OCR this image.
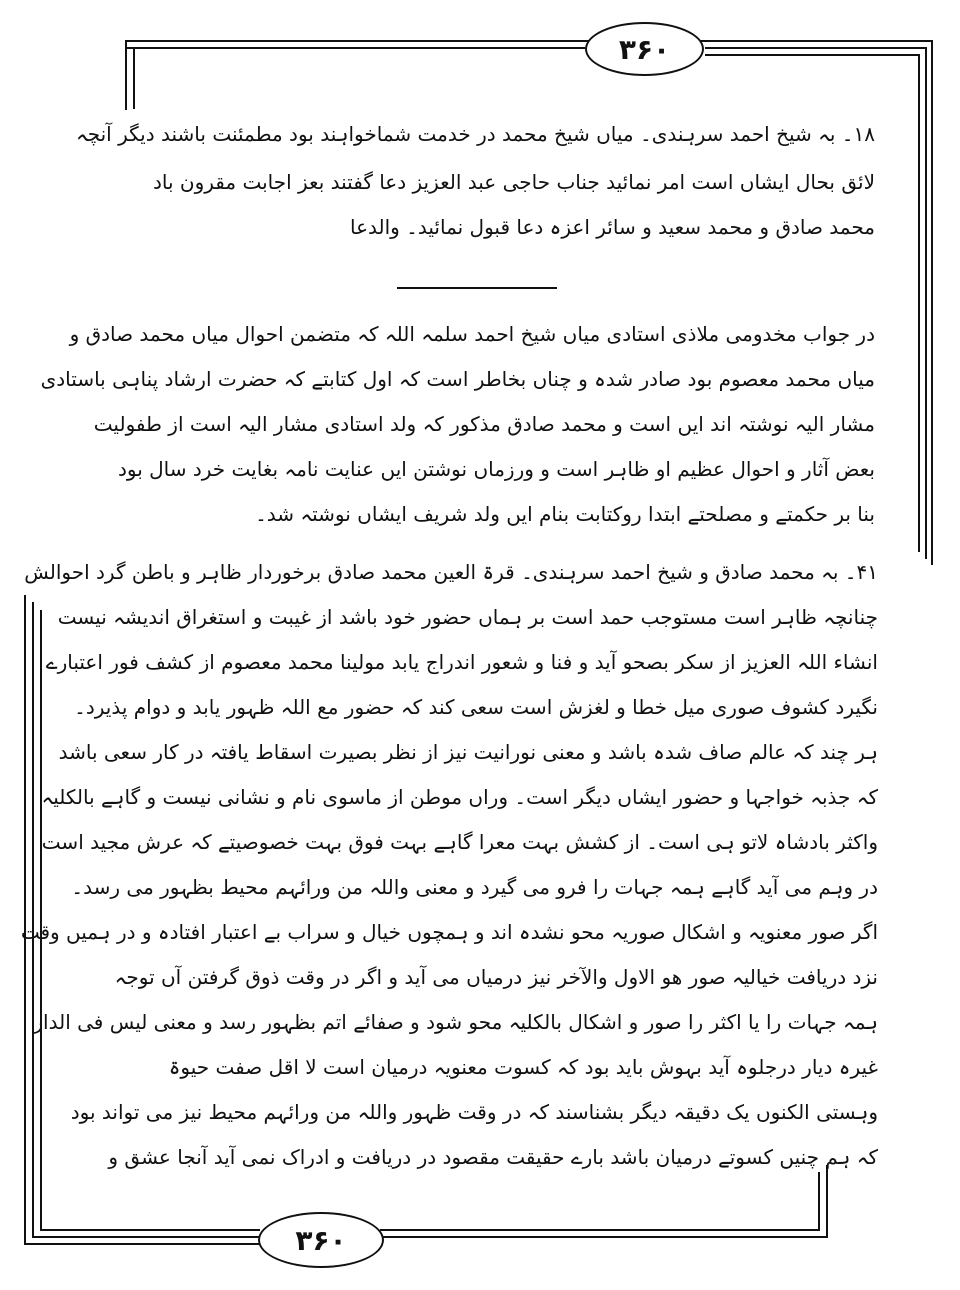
۳۶۰
۳۶۰
۱۸۔ بہ شیخ احمد سرہندی۔ میاں شیخ محمد در خدمت شماخواہند بود مطمئنت باشند دیگر آنچہ
لائق بحال ایشاں است امر نمائید جناب حاجی عبد العزیز دعا گفتند بعز اجابت مقرون باد
محمد صادق و محمد سعید و سائر اعزہ دعا قبول نمائید۔ والدعا
در جواب مخدومی ملاذی استادی میاں شیخ احمد سلمہ اللہ کہ متضمن احوال میاں محمد صادق و
میاں محمد معصوم بود صادر شدہ و چناں بخاطر است کہ اول کتابتے کہ حضرت ارشاد پناہی باستادی
مشار الیہ نوشتہ اند ایں است و محمد صادق مذکور کہ ولد استادی مشار الیہ است از طفولیت
بعض آثار و احوال عظیم او ظاہر است و ورزماں نوشتن ایں عنایت نامہ بغایت خرد سال بود
بنا بر حکمتے و مصلحتے ابتدا روکتابت بنام ایں ولد شریف ایشاں نوشتہ شد۔
۴۱۔ بہ محمد صادق و شیخ احمد سرہندی۔ قرۃ العین محمد صادق برخوردار ظاہر و باطن گرد احوالش
چنانچہ ظاہر است مستوجب حمد است بر ہماں حضور خود باشد از غیبت و استغراق اندیشہ نیست
انشاء اللہ العزیز از سکر بصحو آید و فنا و شعور اندراج یابد مولینا محمد معصوم از کشف فور اعتبارے
نگیرد کشوف صوری میل خطا و لغزش است سعی کند کہ حضور مع اللہ ظہور یابد و دوام پذیرد۔
ہر چند کہ عالم صاف شدہ باشد و معنی نورانیت نیز از نظر بصیرت اسقاط یافتہ در کار سعی باشد
کہ جذبہ خواجہا و حضور ایشاں دیگر است۔ وراں موطن از ماسوی نام و نشانی نیست و گاہے بالکلیہ
واکثر بادشاہ لاتو ہی است۔ از کشش بہت معرا گاہے بہت فوق بہت خصوصیتے کہ عرش مجید است
در وہم می آید گاہے ہمہ جہات را فرو می گیرد و معنی واللہ من ورائہم محیط بظہور می رسد۔
اگر صور معنویہ و اشکال صوریہ محو نشدہ اند و ہمچوں خیال و سراب بے اعتبار افتادہ و در ہمیں وقت
نزد دریافت خیالیہ صور ھو الاول والآخر نیز درمیاں می آید و اگر در وقت ذوق گرفتن آں توجہ
ہمہ جہات را یا اکثر را صور و اشکال بالکلیہ محو شود و صفائے اتم بظہور رسد و معنی لیس فی الدار
غیرہ دیار درجلوہ آید بہوش باید بود کہ کسوت معنویہ درمیان است لا اقل صفت حیوۃ
وہستی الکنوں یک دقیقہ دیگر بشناسند کہ در وقت ظہور واللہ من ورائہم محیط نیز می تواند بود
کہ ہم چنیں کسوتے درمیان باشد بارے حقیقت مقصود در دریافت و ادراک نمی آید آنجا عشق و
